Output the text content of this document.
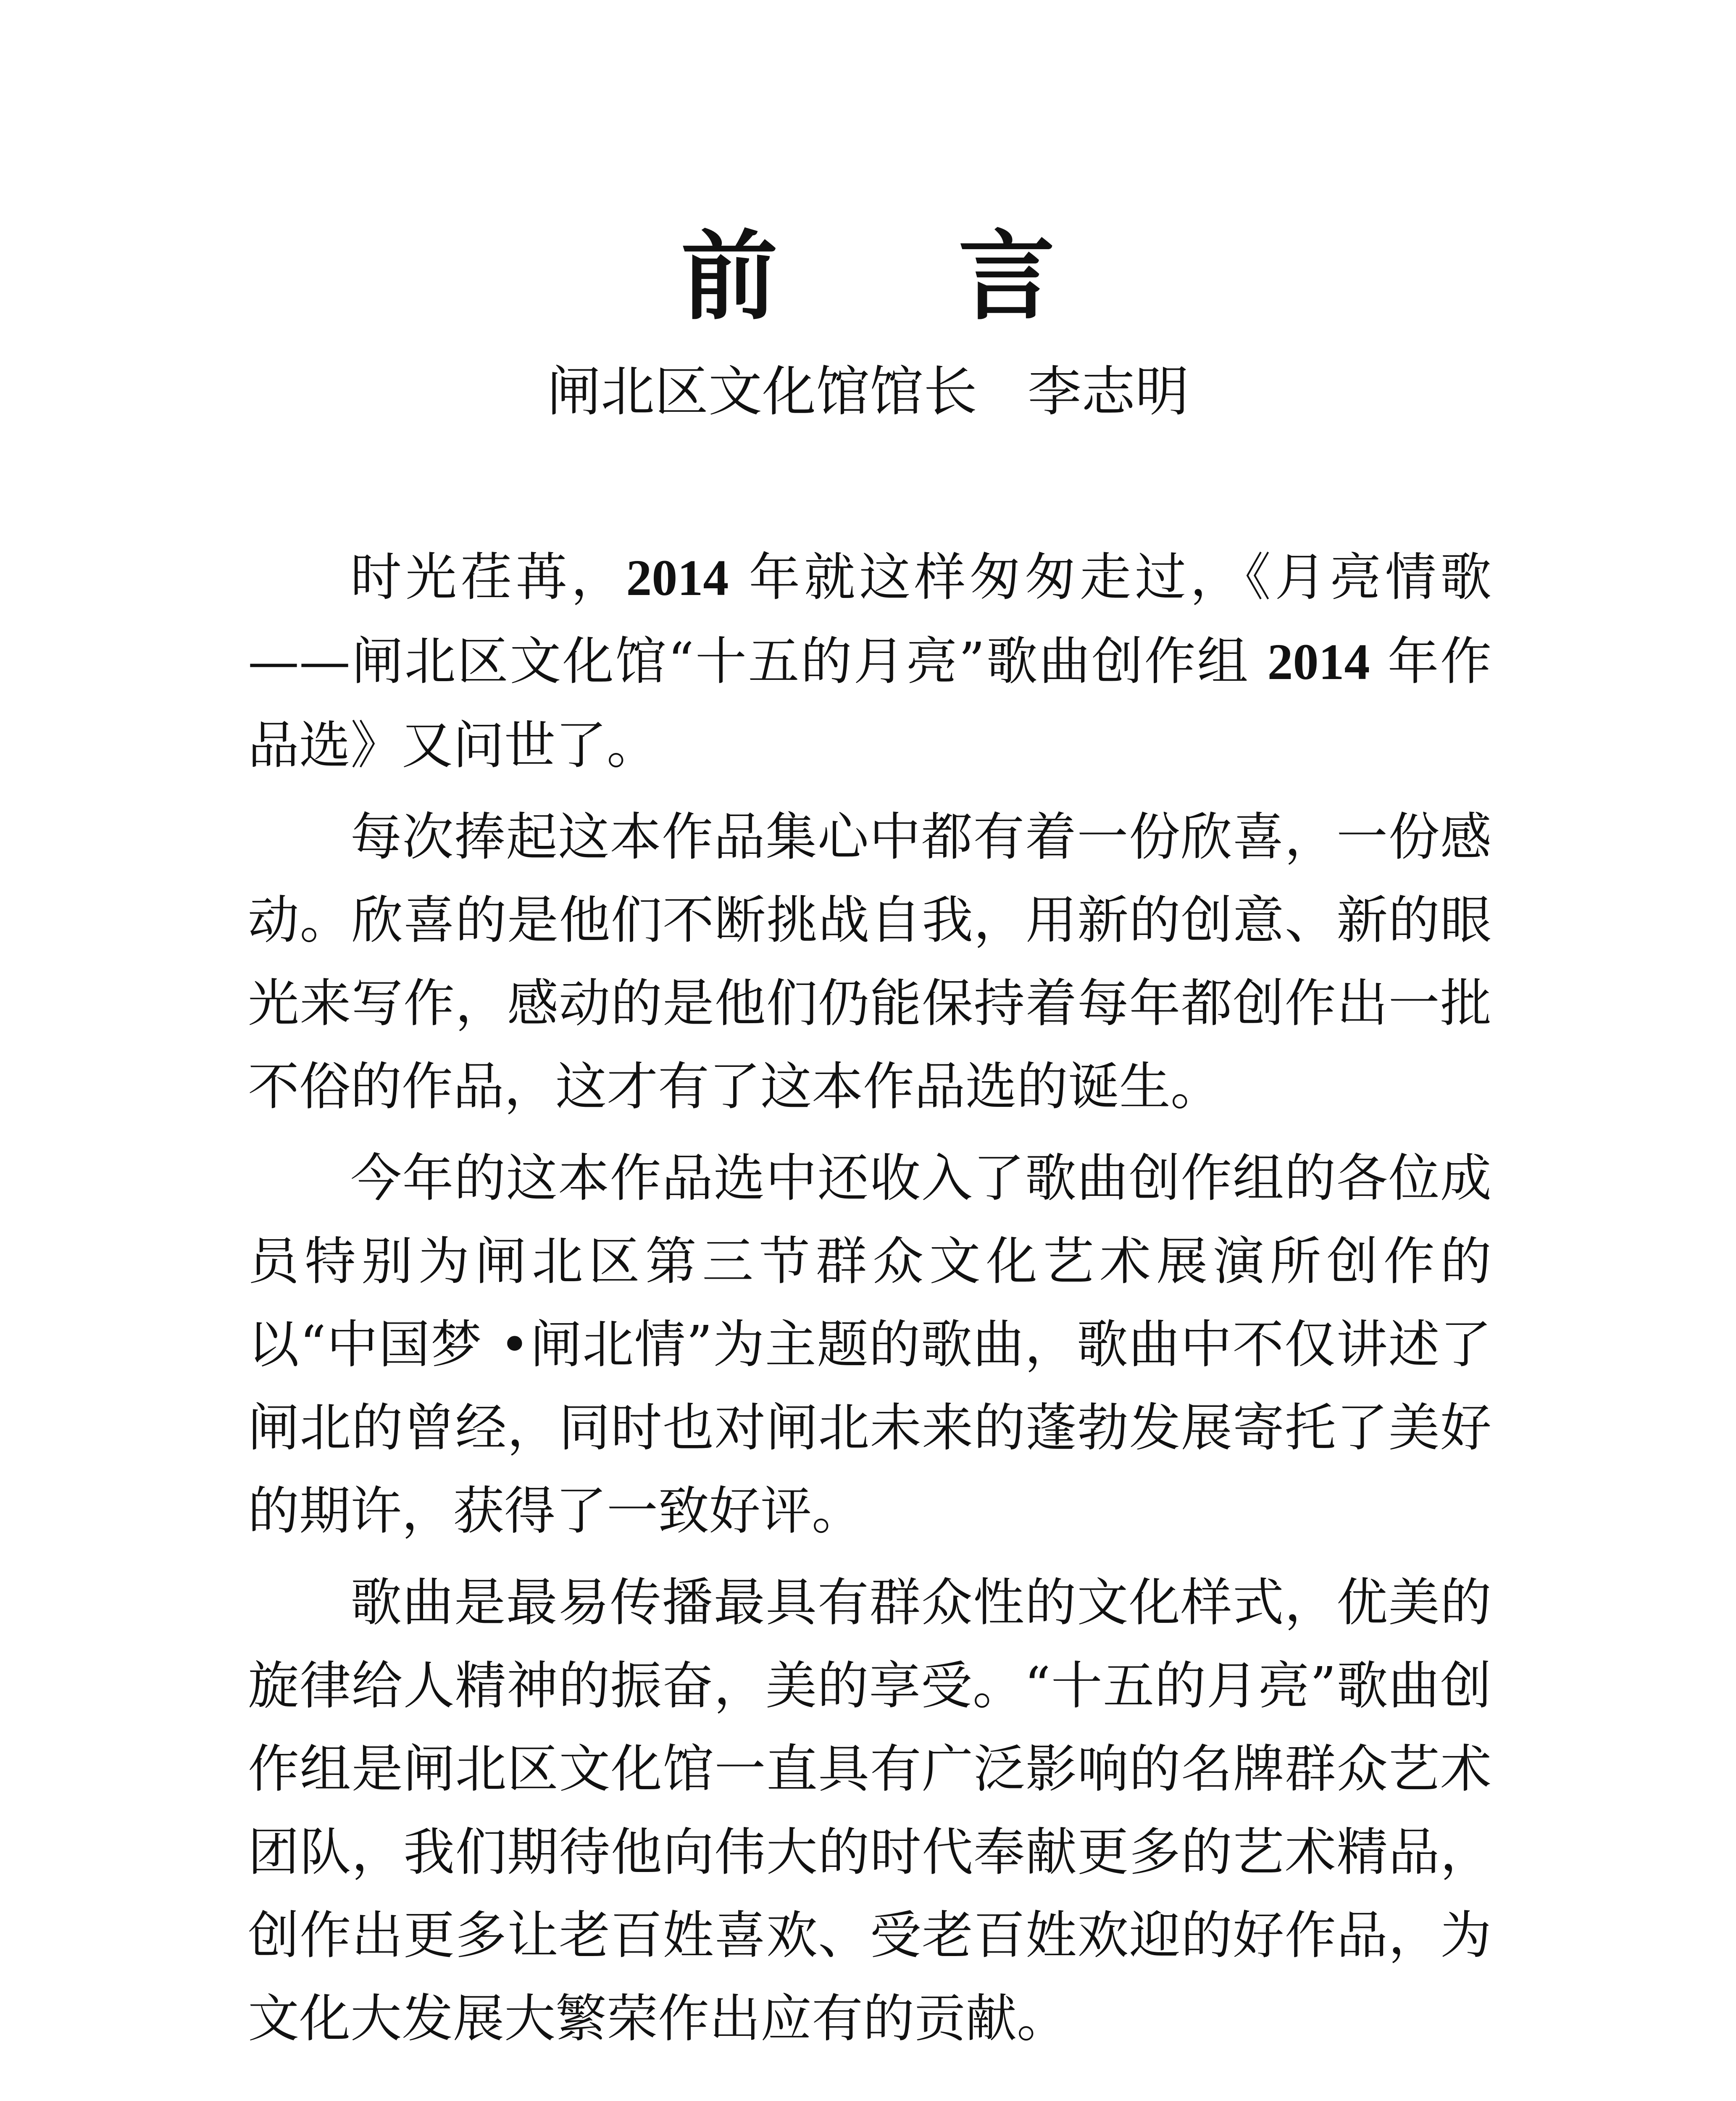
前 言
闸北区文化馆馆长 李志明

时光荏苒，2014 年就这样匆匆走过，《月亮情歌——闸北区文化馆“十五的月亮”歌曲创作组 2014 年作品选》又问世了。

每次捧起这本作品集心中都有着一份欣喜，一份感动。欣喜的是他们不断挑战自我，用新的创意、新的眼光来写作，感动的是他们仍能保持着每年都创作出一批不俗的作品，这才有了这本作品选的诞生。

今年的这本作品选中还收入了歌曲创作组的各位成员特别为闸北区第三节群众文化艺术展演所创作的以“中国梦 •闸北情”为主题的歌曲，歌曲中不仅讲述了闸北的曾经，同时也对闸北未来的蓬勃发展寄托了美好的期许，获得了一致好评。

歌曲是最易传播最具有群众性的文化样式，优美的旋律给人精神的振奋，美的享受。“十五的月亮”歌曲创作组是闸北区文化馆一直具有广泛影响的名牌群众艺术团队，我们期待他向伟大的时代奉献更多的艺术精品，创作出更多让老百姓喜欢、受老百姓欢迎的好作品，为文化大发展大繁荣作出应有的贡献。
